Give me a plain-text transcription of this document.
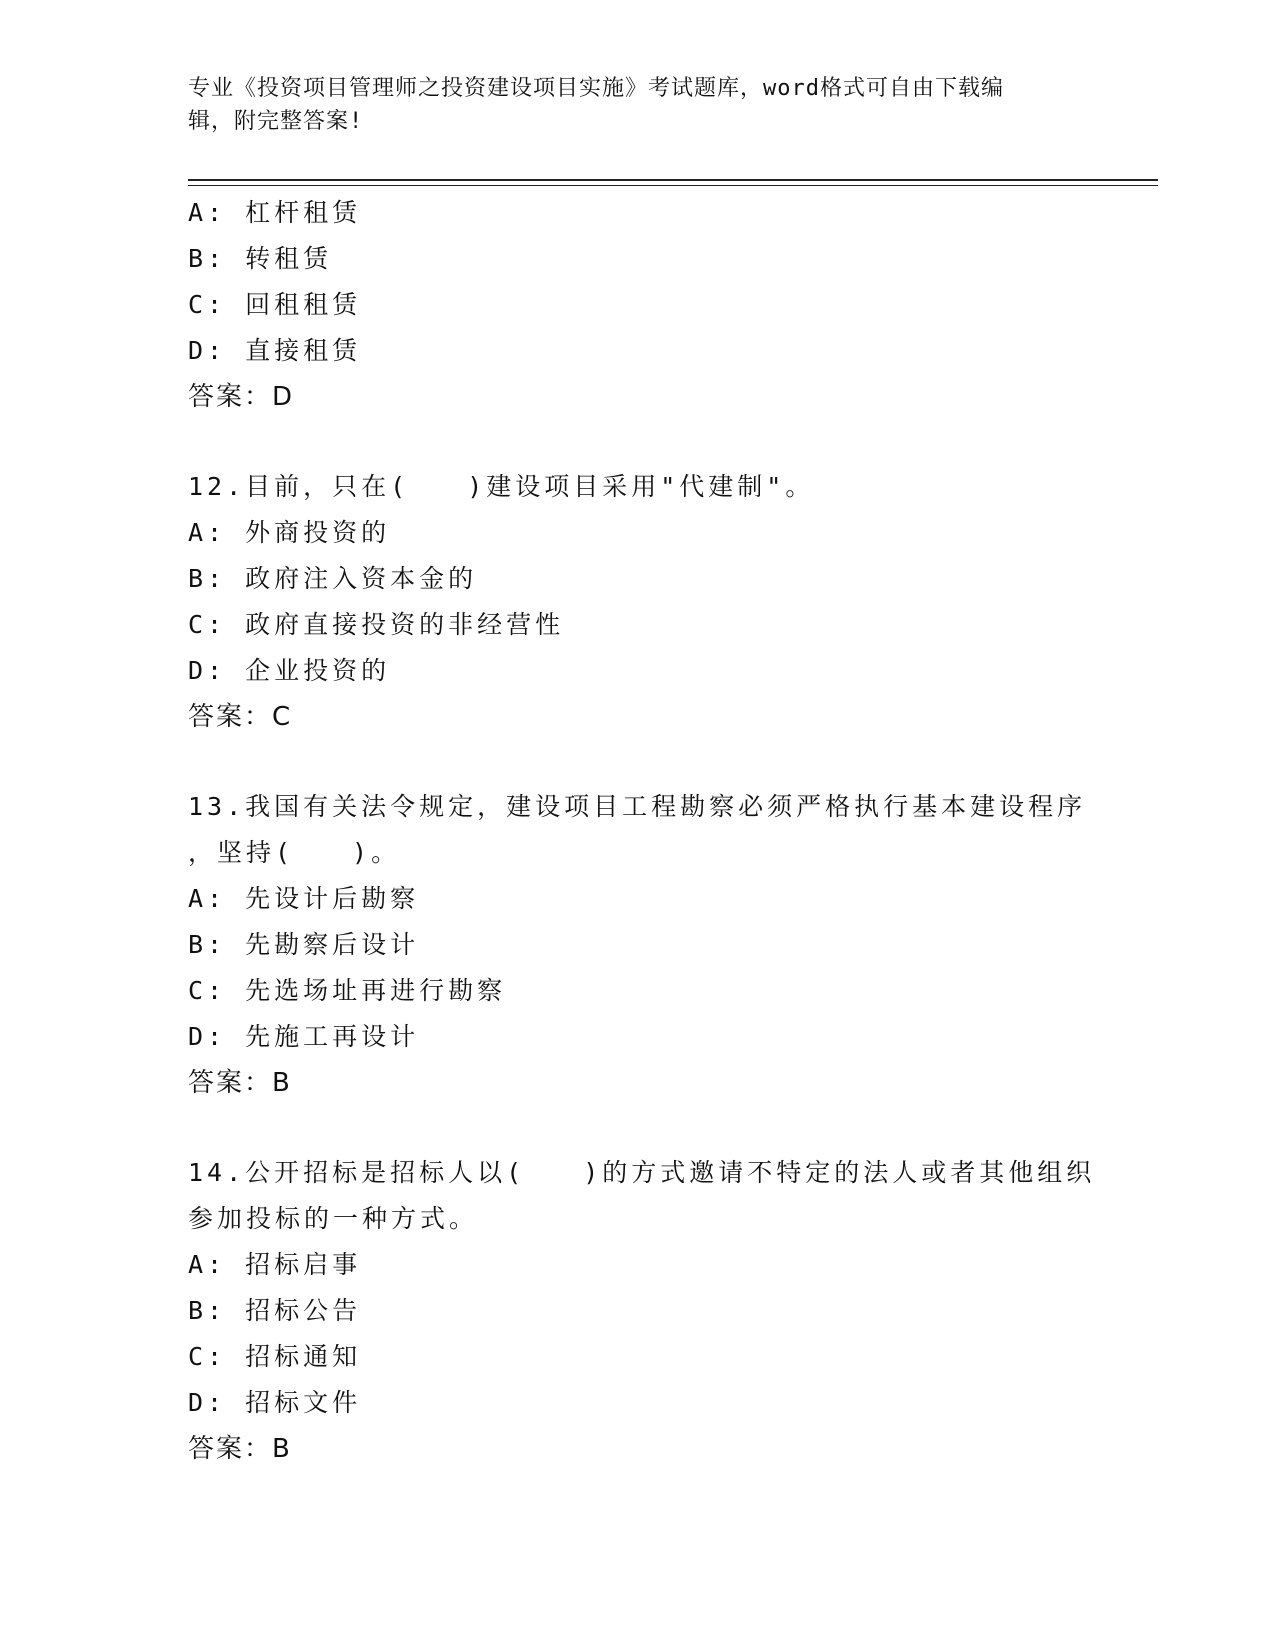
专业《投资项目管理师之投资建设项目实施》考试题库，word格式可自由下载编
辑，附完整答案!
A: 杠杆租赁
B: 转租赁
C: 回租租赁
D: 直接租赁
答案：D
12.目前，只在(　　)建设项目采用"代建制"。
A: 外商投资的
B: 政府注入资本金的
C: 政府直接投资的非经营性
D: 企业投资的
答案：C
13.我国有关法令规定，建设项目工程勘察必须严格执行基本建设程序
，坚持(　　)。
A: 先设计后勘察
B: 先勘察后设计
C: 先选场址再进行勘察
D: 先施工再设计
答案：B
14.公开招标是招标人以(　　)的方式邀请不特定的法人或者其他组织
参加投标的一种方式。
A: 招标启事
B: 招标公告
C: 招标通知
D: 招标文件
答案：B
